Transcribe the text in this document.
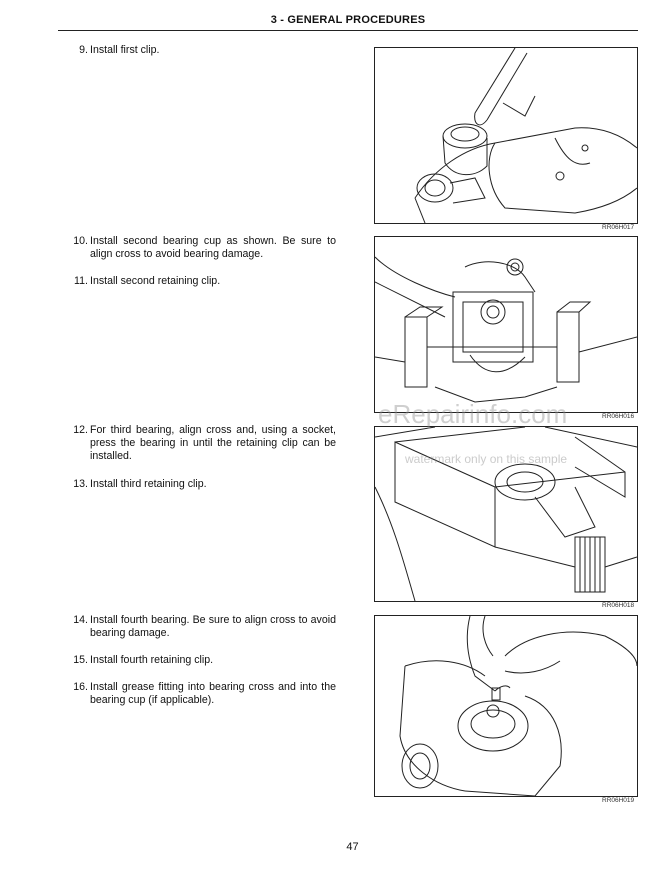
3 - GENERAL PROCEDURES
9. Install first clip.
10. Install second bearing cup as shown. Be sure to align cross to avoid bearing damage.
11. Install second retaining clip.
12. For third bearing, align cross and, using a socket, press the bearing in until the retaining clip can be installed.
13. Install third retaining clip.
14. Install fourth bearing. Be sure to align cross to avoid bearing damage.
15. Install fourth retaining clip.
16. Install grease fitting into bearing cross and into the bearing cup (if applicable).
RR06H017
RR06H016
RR06H018
RR06H019
eRepairinfo.com
watermark only on this sample
47
